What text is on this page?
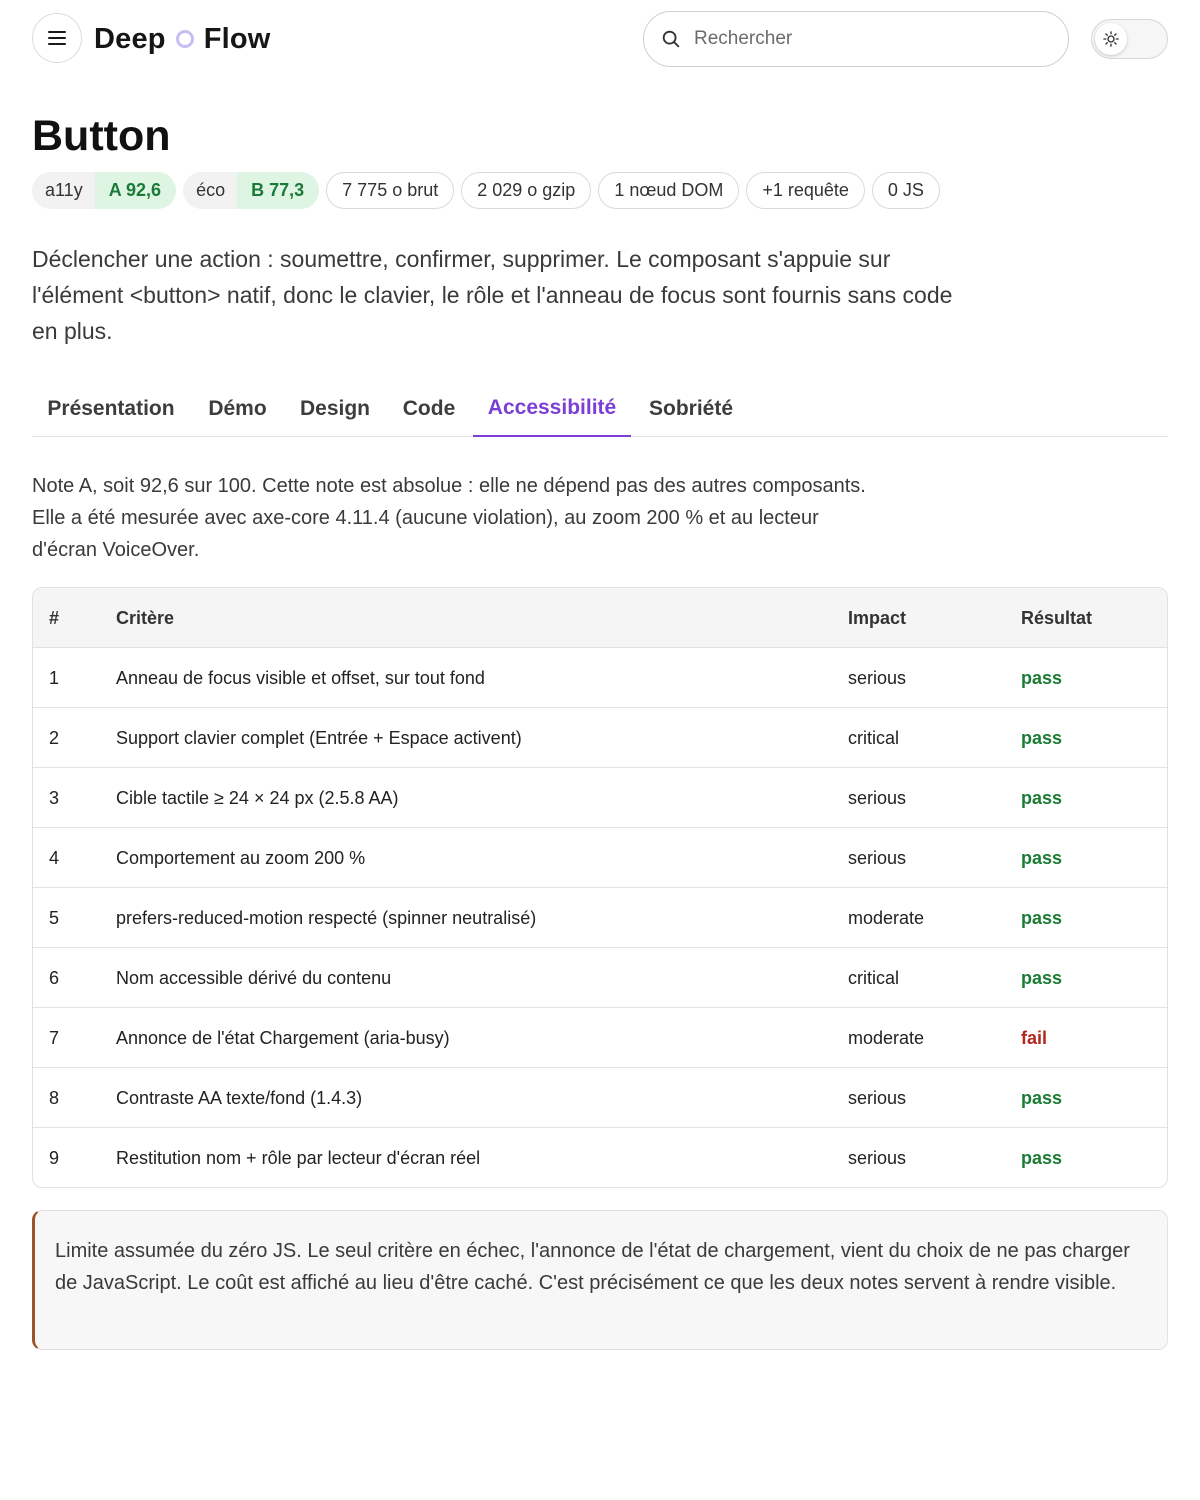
Deep Flow
Rechercher
Button
a11y	A 92,6	éco	B 77,3	7 775 o brut	2 029 o gzip	1 nœud DOM	+1 requête	0 JS

Déclencher une action : soumettre, confirmer, supprimer. Le composant s'appuie sur l'élément <button> natif, donc le clavier, le rôle et l'anneau de focus sont fournis sans code en plus.

Présentation	Démo	Design	Code	Accessibilité	Sobriété

Note A, soit 92,6 sur 100. Cette note est absolue : elle ne dépend pas des autres composants. Elle a été mesurée avec axe-core 4.11.4 (aucune violation), au zoom 200 % et au lecteur d'écran VoiceOver.

#	Critère	Impact	Résultat
1	Anneau de focus visible et offset, sur tout fond	serious	pass
2	Support clavier complet (Entrée + Espace activent)	critical	pass
3	Cible tactile ≥ 24 × 24 px (2.5.8 AA)	serious	pass
4	Comportement au zoom 200 %	serious	pass
5	prefers-reduced-motion respecté (spinner neutralisé)	moderate	pass
6	Nom accessible dérivé du contenu	critical	pass
7	Annonce de l'état Chargement (aria-busy)	moderate	fail
8	Contraste AA texte/fond (1.4.3)	serious	pass
9	Restitution nom + rôle par lecteur d'écran réel	serious	pass
Limite assumée du zéro JS. Le seul critère en échec, l'annonce de l'état de chargement, vient du choix de ne pas charger de JavaScript. Le coût est affiché au lieu d'être caché. C'est précisément ce que les deux notes servent à rendre visible.
